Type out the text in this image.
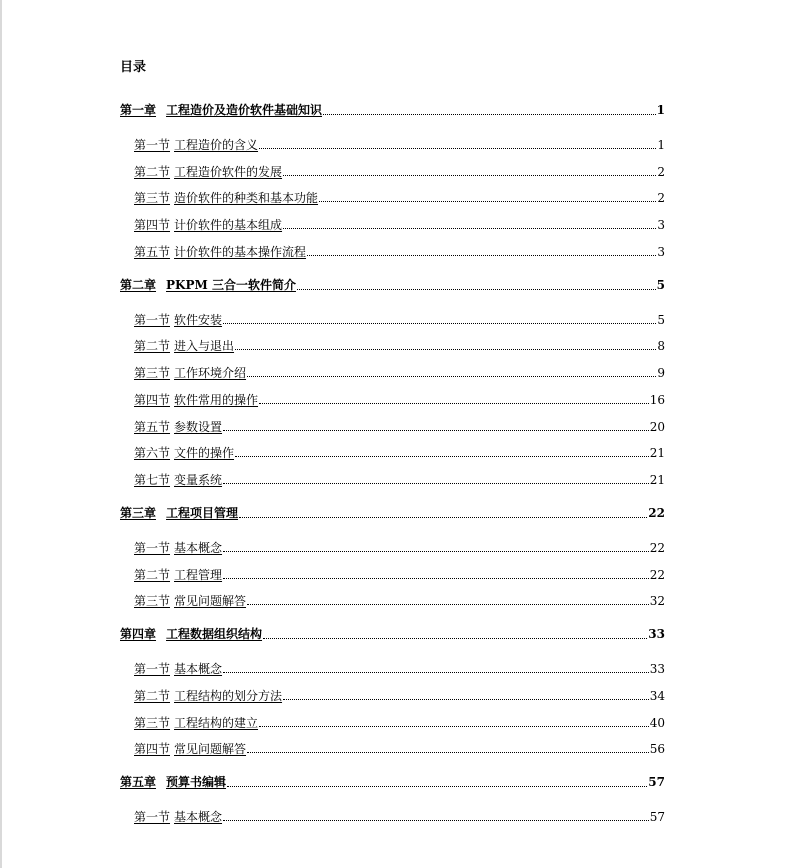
目录
第一章 工程造价及造价软件基础知识	1
第一节 工程造价的含义	1
第二节 工程造价软件的发展	2
第三节 造价软件的种类和基本功能	2
第四节 计价软件的基本组成	3
第五节 计价软件的基本操作流程	3
第二章 PKPM 三合一软件简介	5
第一节 软件安装	5
第二节 进入与退出	8
第三节 工作环境介绍	9
第四节 软件常用的操作	16
第五节 参数设置	20
第六节 文件的操作	21
第七节 变量系统	21
第三章 工程项目管理	22
第一节 基本概念	22
第二节 工程管理	22
第三节 常见问题解答	32
第四章 工程数据组织结构	33
第一节 基本概念	33
第二节 工程结构的划分方法	34
第三节 工程结构的建立	40
第四节 常见问题解答	56
第五章 预算书编辑	57
第一节 基本概念	57
